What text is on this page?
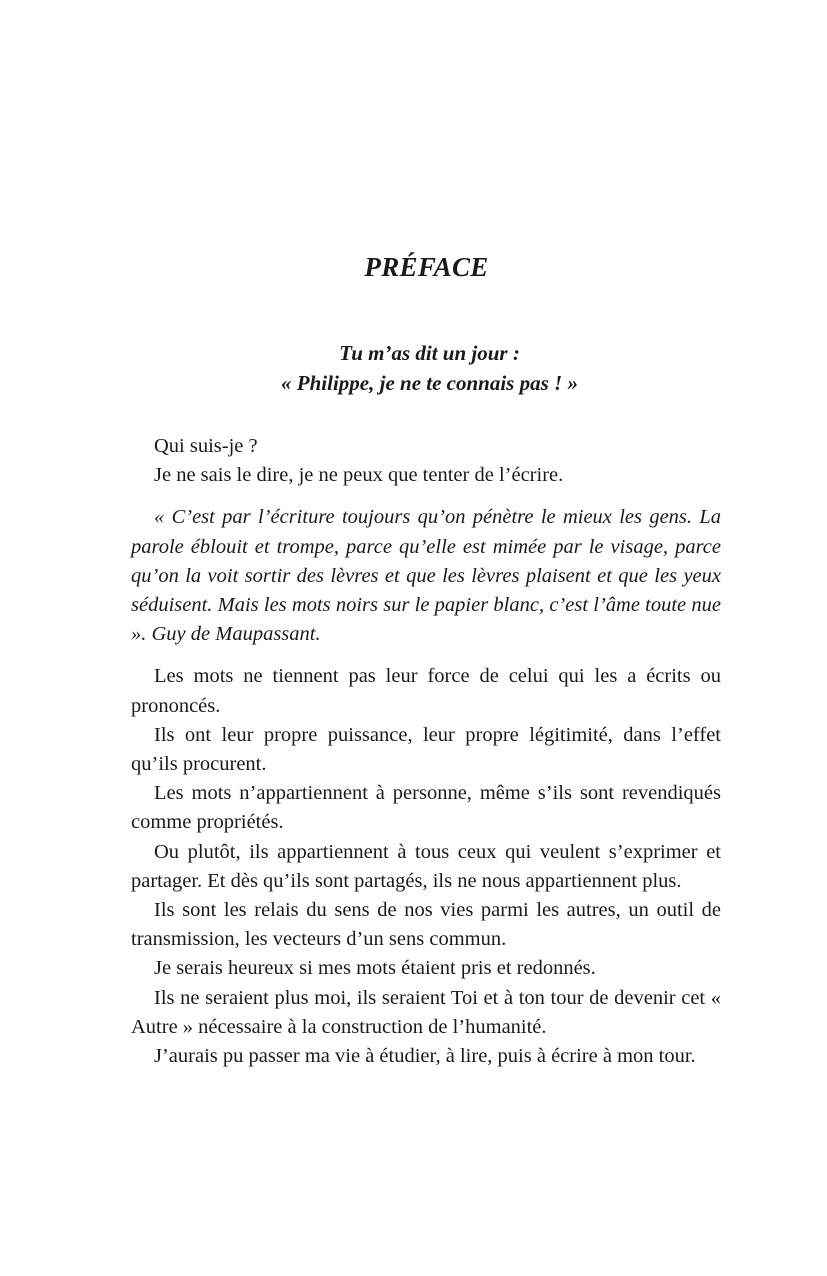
PRÉFACE
Tu m’as dit un jour :
« Philippe, je ne te connais pas ! »

Qui suis-je ?

Je ne sais le dire, je ne peux que tenter de l’écrire.

« C’est par l’écriture toujours qu’on pénètre le mieux les gens. La parole éblouit et trompe, parce qu’elle est mimée par le visage, parce qu’on la voit sortir des lèvres et que les lèvres plaisent et que les yeux séduisent. Mais les mots noirs sur le papier blanc, c’est l’âme toute nue ». Guy de Maupassant.

Les mots ne tiennent pas leur force de celui qui les a écrits ou prononcés.

Ils ont leur propre puissance, leur propre légitimité, dans l’effet qu’ils procurent.

Les mots n’appartiennent à personne, même s’ils sont revendiqués comme propriétés.

Ou plutôt, ils appartiennent à tous ceux qui veulent s’exprimer et partager. Et dès qu’ils sont partagés, ils ne nous appartiennent plus.

Ils sont les relais du sens de nos vies parmi les autres, un outil de transmission, les vecteurs d’un sens commun.

Je serais heureux si mes mots étaient pris et redonnés.

Ils ne seraient plus moi, ils seraient Toi et à ton tour de devenir cet « Autre » nécessaire à la construction de l’humanité.

J’aurais pu passer ma vie à étudier, à lire, puis à écrire à mon tour.
